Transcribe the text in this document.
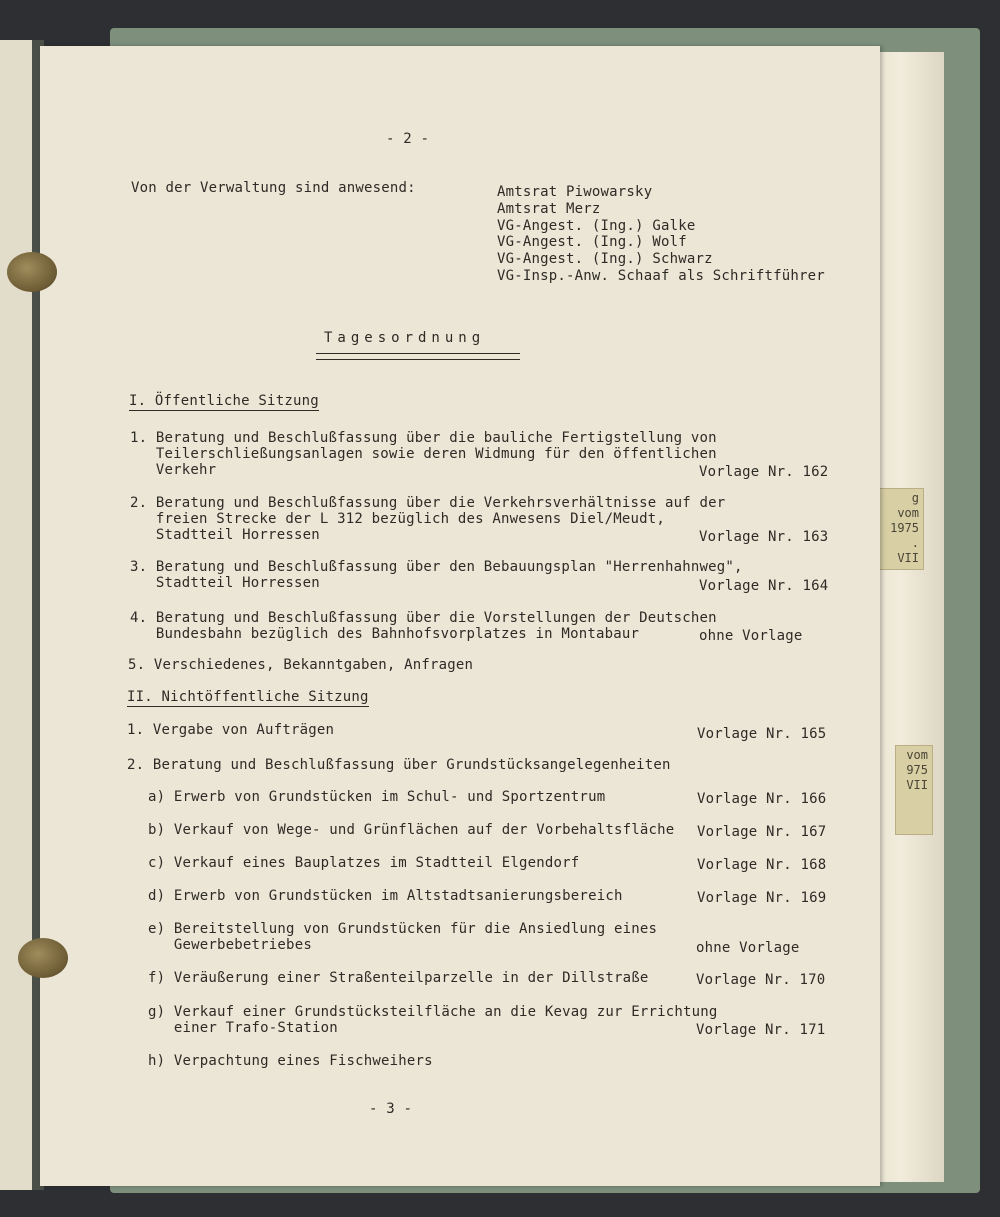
g vom
1975
. VII
vom
975
VII
- 2 -
Von der Verwaltung sind anwesend:	Amtsrat Piwowarsky
Amtsrat Merz
VG-Angest. (Ing.) Galke
VG-Angest. (Ing.) Wolf
VG-Angest. (Ing.) Schwarz
VG-Insp.-Anw. Schaaf als Schriftführer
Tagesordnung
I. Öffentliche Sitzung
1. Beratung und Beschlußfassung über die bauliche Fertigstellung von
Teilerschließungsanlagen sowie deren Widmung für den öffentlichen
Verkehr	Vorlage Nr. 162
2. Beratung und Beschlußfassung über die Verkehrsverhältnisse auf der
freien Strecke der L 312 bezüglich des Anwesens Diel/Meudt,
Stadtteil Horressen	Vorlage Nr. 163
3. Beratung und Beschlußfassung über den Bebauungsplan "Herrenhahnweg",
Stadtteil Horressen	Vorlage Nr. 164
4. Beratung und Beschlußfassung über die Vorstellungen der Deutschen
Bundesbahn bezüglich des Bahnhofsvorplatzes in Montabaur	ohne Vorlage
5. Verschiedenes, Bekanntgaben, Anfragen
II. Nichtöffentliche Sitzung
1. Vergabe von Aufträgen	Vorlage Nr. 165
2. Beratung und Beschlußfassung über Grundstücksangelegenheiten
a) Erwerb von Grundstücken im Schul- und Sportzentrum	Vorlage Nr. 166
b) Verkauf von Wege- und Grünflächen auf der Vorbehaltsfläche Vorlage Nr. 167
c) Verkauf eines Bauplatzes im Stadtteil Elgendorf	Vorlage Nr. 168
d) Erwerb von Grundstücken im Altstadtsanierungsbereich	Vorlage Nr. 169
e) Bereitstellung von Grundstücken für die Ansiedlung eines
Gewerbebetriebes	ohne Vorlage
f) Veräußerung einer Straßenteilparzelle in der Dillstraße	Vorlage Nr. 170
g) Verkauf einer Grundstücksteilfläche an die Kevag zur Errichtung
einer Trafo-Station	Vorlage Nr. 171
h) Verpachtung eines Fischweihers
- 3 -
